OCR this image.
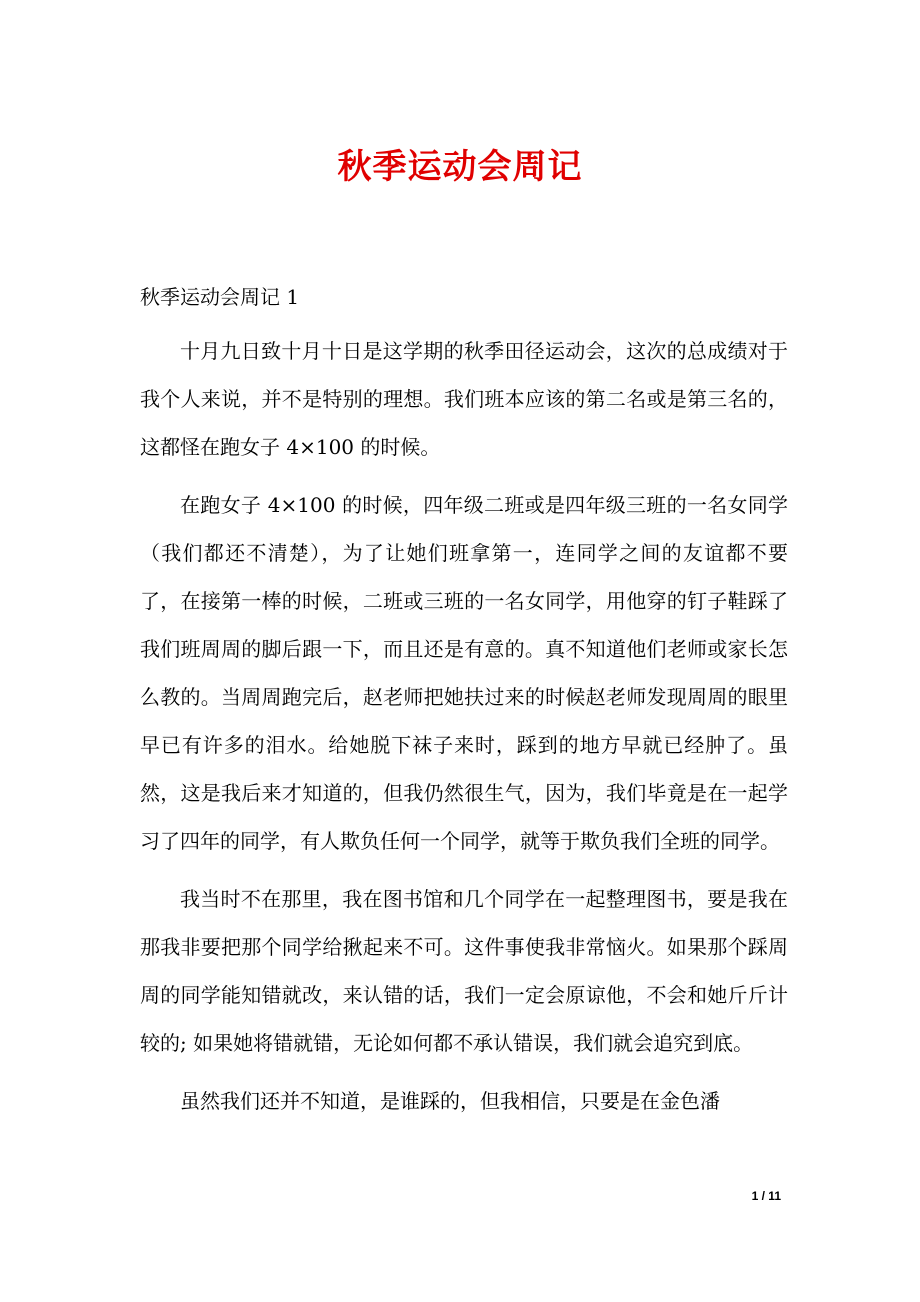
秋季运动会周记

秋季运动会周记 1

十月九日致十月十日是这学期的秋季田径运动会，这次的总成绩对于我个人来说，并不是特别的理想。我们班本应该的第二名或是第三名的，这都怪在跑女子 4×100 的时候。

在跑女子 4×100 的时候，四年级二班或是四年级三班的一名女同学（我们都还不清楚），为了让她们班拿第一，连同学之间的友谊都不要了，在接第一棒的时候，二班或三班的一名女同学，用他穿的钉子鞋踩了我们班周周的脚后跟一下，而且还是有意的。真不知道他们老师或家长怎么教的。当周周跑完后，赵老师把她扶过来的时候赵老师发现周周的眼里早已有许多的泪水。给她脱下袜子来时，踩到的地方早就已经肿了。虽然，这是我后来才知道的，但我仍然很生气，因为，我们毕竟是在一起学习了四年的同学，有人欺负任何一个同学，就等于欺负我们全班的同学。

我当时不在那里，我在图书馆和几个同学在一起整理图书，要是我在那我非要把那个同学给揪起来不可。这件事使我非常恼火。如果那个踩周周的同学能知错就改，来认错的话，我们一定会原谅他，不会和她斤斤计较的; 如果她将错就错，无论如何都不承认错误，我们就会追究到底。

虽然我们还并不知道，是谁踩的，但我相信，只要是在金色潘

1 / 11
